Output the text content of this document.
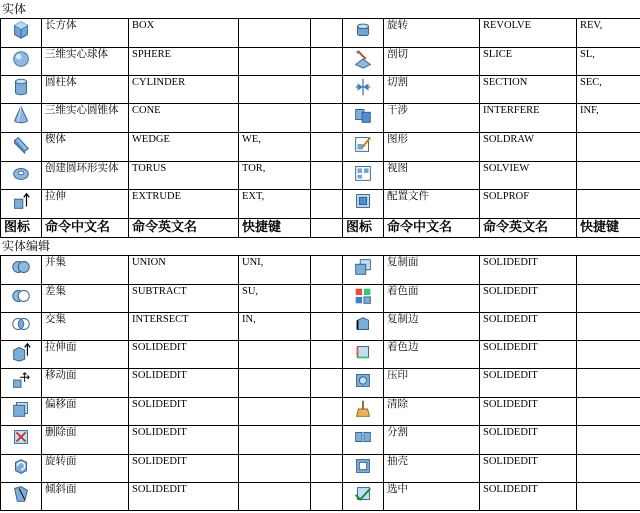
实体
	长方体	BOX				旋转	REVOLVE	REV,

	三维实心球体	SPHERE				剖切	SLICE	SL,

	圆柱体	CYLINDER				切割	SECTION	SEC,

	三维实心圆锥体	CONE				干涉	INTERFERE	INF,

	楔体	WEDGE	WE,			图形	SOLDRAW	

	创建圆环形实体	TORUS	TOR,			视图	SOLVIEW	

	拉伸	EXTRUDE	EXT,			配置文件	SOLPROF	
图标	命令中文名	命令英文名	快捷键		图标	命令中文名	命令英文名	快捷键
实体编辑
	并集	UNION	UNI,			复制面	SOLIDEDIT	

	差集	SUBTRACT	SU,			着色面	SOLIDEDIT	

	交集	INTERSECT	IN,			复制边	SOLIDEDIT	

	拉伸面	SOLIDEDIT				着色边	SOLIDEDIT	

	移动面	SOLIDEDIT				压印	SOLIDEDIT	

	偏移面	SOLIDEDIT				清除	SOLIDEDIT	

	删除面	SOLIDEDIT				分割	SOLIDEDIT	

	旋转面	SOLIDEDIT				抽壳	SOLIDEDIT	

	倾斜面	SOLIDEDIT				选中	SOLIDEDIT	
